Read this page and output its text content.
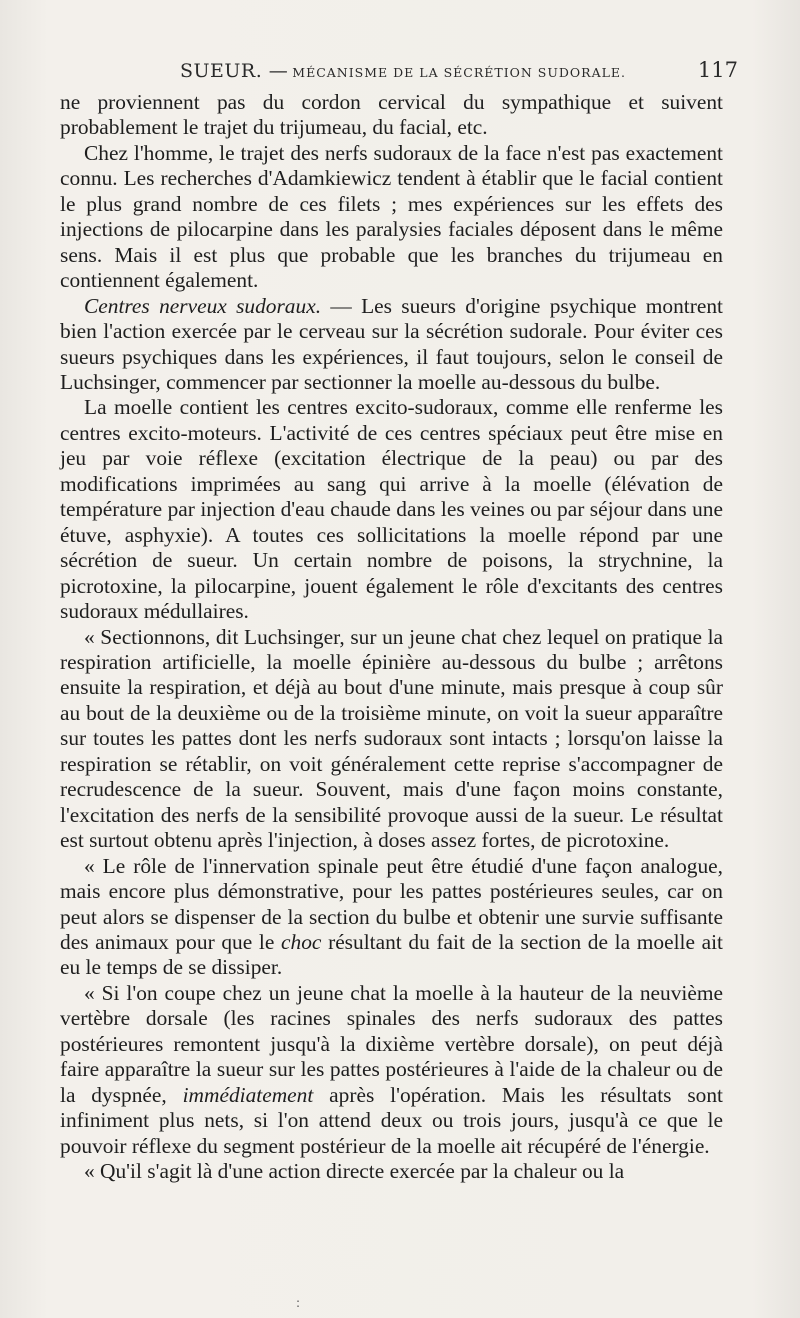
SUEUR. — MÉCANISME DE LA SÉCRÉTION SUDORALE.	117

ne proviennent pas du cordon cervical du sympathique et suivent probablement le trajet du trijumeau, du facial, etc.

Chez l'homme, le trajet des nerfs sudoraux de la face n'est pas exactement connu. Les recherches d'Adamkiewicz tendent à établir que le facial contient le plus grand nombre de ces filets ; mes expériences sur les effets des injections de pilocarpine dans les paralysies faciales déposent dans le même sens. Mais il est plus que probable que les branches du trijumeau en contiennent également.

Centres nerveux sudoraux. — Les sueurs d'origine psychique montrent bien l'action exercée par le cerveau sur la sécrétion sudorale. Pour éviter ces sueurs psychiques dans les expériences, il faut toujours, selon le conseil de Luchsinger, commencer par sectionner la moelle au-dessous du bulbe.

La moelle contient les centres excito-sudoraux, comme elle renferme les centres excito-moteurs. L'activité de ces centres spéciaux peut être mise en jeu par voie réflexe (excitation électrique de la peau) ou par des modifications imprimées au sang qui arrive à la moelle (élévation de température par injection d'eau chaude dans les veines ou par séjour dans une étuve, asphyxie). A toutes ces sollicitations la moelle répond par une sécrétion de sueur. Un certain nombre de poisons, la strychnine, la picrotoxine, la pilocarpine, jouent également le rôle d'excitants des centres sudoraux médullaires.

« Sectionnons, dit Luchsinger, sur un jeune chat chez lequel on pratique la respiration artificielle, la moelle épinière au-dessous du bulbe ; arrêtons ensuite la respiration, et déjà au bout d'une minute, mais presque à coup sûr au bout de la deuxième ou de la troisième minute, on voit la sueur apparaître sur toutes les pattes dont les nerfs sudoraux sont intacts ; lorsqu'on laisse la respiration se rétablir, on voit généralement cette reprise s'accompagner de recrudescence de la sueur. Souvent, mais d'une façon moins constante, l'excitation des nerfs de la sensibilité provoque aussi de la sueur. Le résultat est surtout obtenu après l'injection, à doses assez fortes, de picrotoxine.

« Le rôle de l'innervation spinale peut être étudié d'une façon analogue, mais encore plus démonstrative, pour les pattes postérieures seules, car on peut alors se dispenser de la section du bulbe et obtenir une survie suffisante des animaux pour que le choc résultant du fait de la section de la moelle ait eu le temps de se dissiper.

« Si l'on coupe chez un jeune chat la moelle à la hauteur de la neuvième vertèbre dorsale (les racines spinales des nerfs sudoraux des pattes postérieures remontent jusqu'à la dixième vertèbre dorsale), on peut déjà faire apparaître la sueur sur les pattes postérieures à l'aide de la chaleur ou de la dyspnée, immédiatement après l'opération. Mais les résultats sont infiniment plus nets, si l'on attend deux ou trois jours, jusqu'à ce que le pouvoir réflexe du segment postérieur de la moelle ait récupéré de l'énergie.

« Qu'il s'agit là d'une action directe exercée par la chaleur ou la

:
